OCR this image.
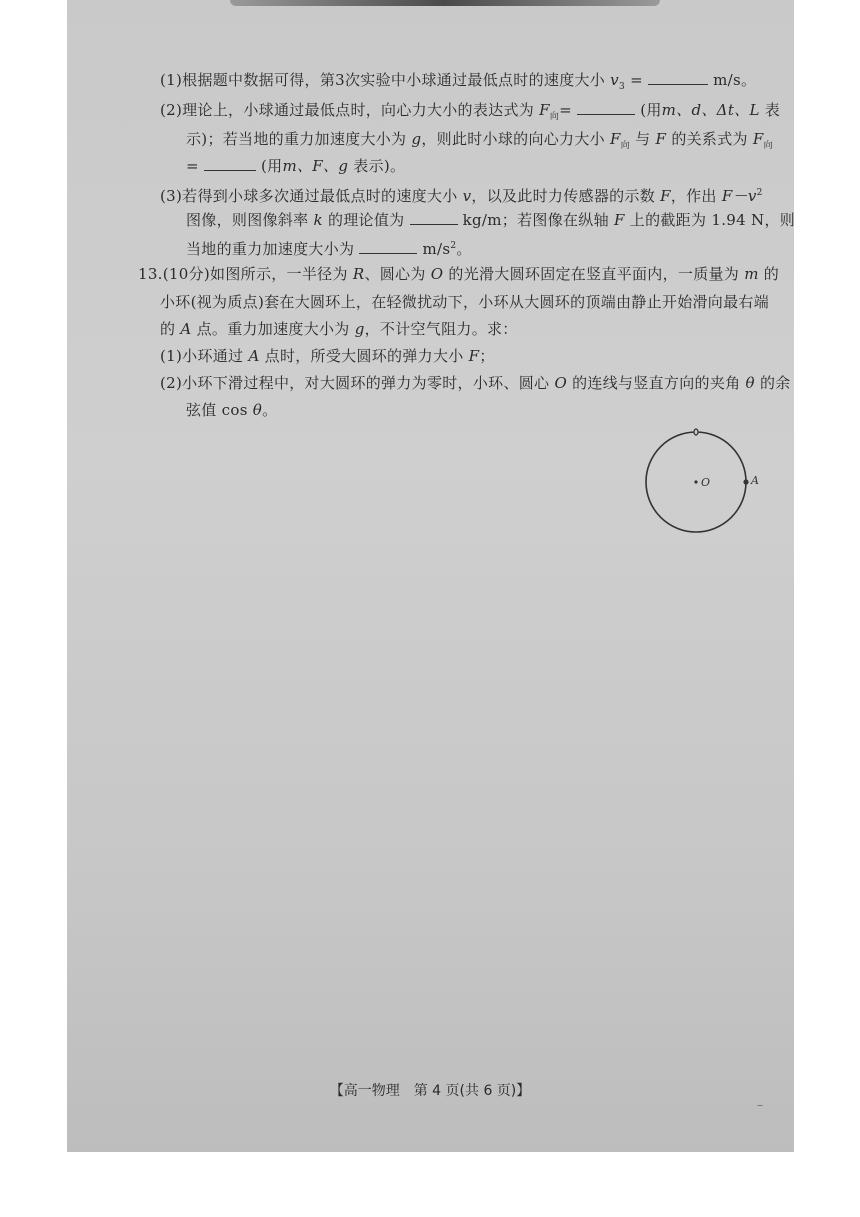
(1)根据题中数据可得，第3次实验中小球通过最低点时的速度大小 $v_3$ =	m/s。
(2)理论上，小球通过最低点时，向心力大小的表达式为 $F_向=$	(用m、d、Δt、L 表
示)；若当地的重力加速度大小为 g，则此时小球的向心力大小 $F_向$ 与 F 的关系式为 $F_向$
=	(用m、F、g 表示)。
(3)若得到小球多次通过最低点时的速度大小 v，以及此时力传感器的示数 F，作出 $F-v^2$
图像，则图像斜率 k 的理论值为	kg/m；若图像在纵轴 F 上的截距为 1.94 N，则
当地的重力加速度大小为	$m/s^2$。
13.(10分)如图所示，一半径为 R、圆心为 O 的光滑大圆环固定在竖直平面内，一质量为 m 的
小环(视为质点)套在大圆环上，在轻微扰动下，小环从大圆环的顶端由静止开始滑向最右端
的 A 点。重力加速度大小为 g，不计空气阻力。求：
(1)小环通过 A 点时，所受大圆环的弹力大小 F；
(2)小环下滑过程中，对大圆环的弹力为零时，小环、圆心 O 的连线与竖直方向的夹角 θ 的余
弦值 cos θ。
O	A
【高一物理　第 4 页(共 6 页)】
–
